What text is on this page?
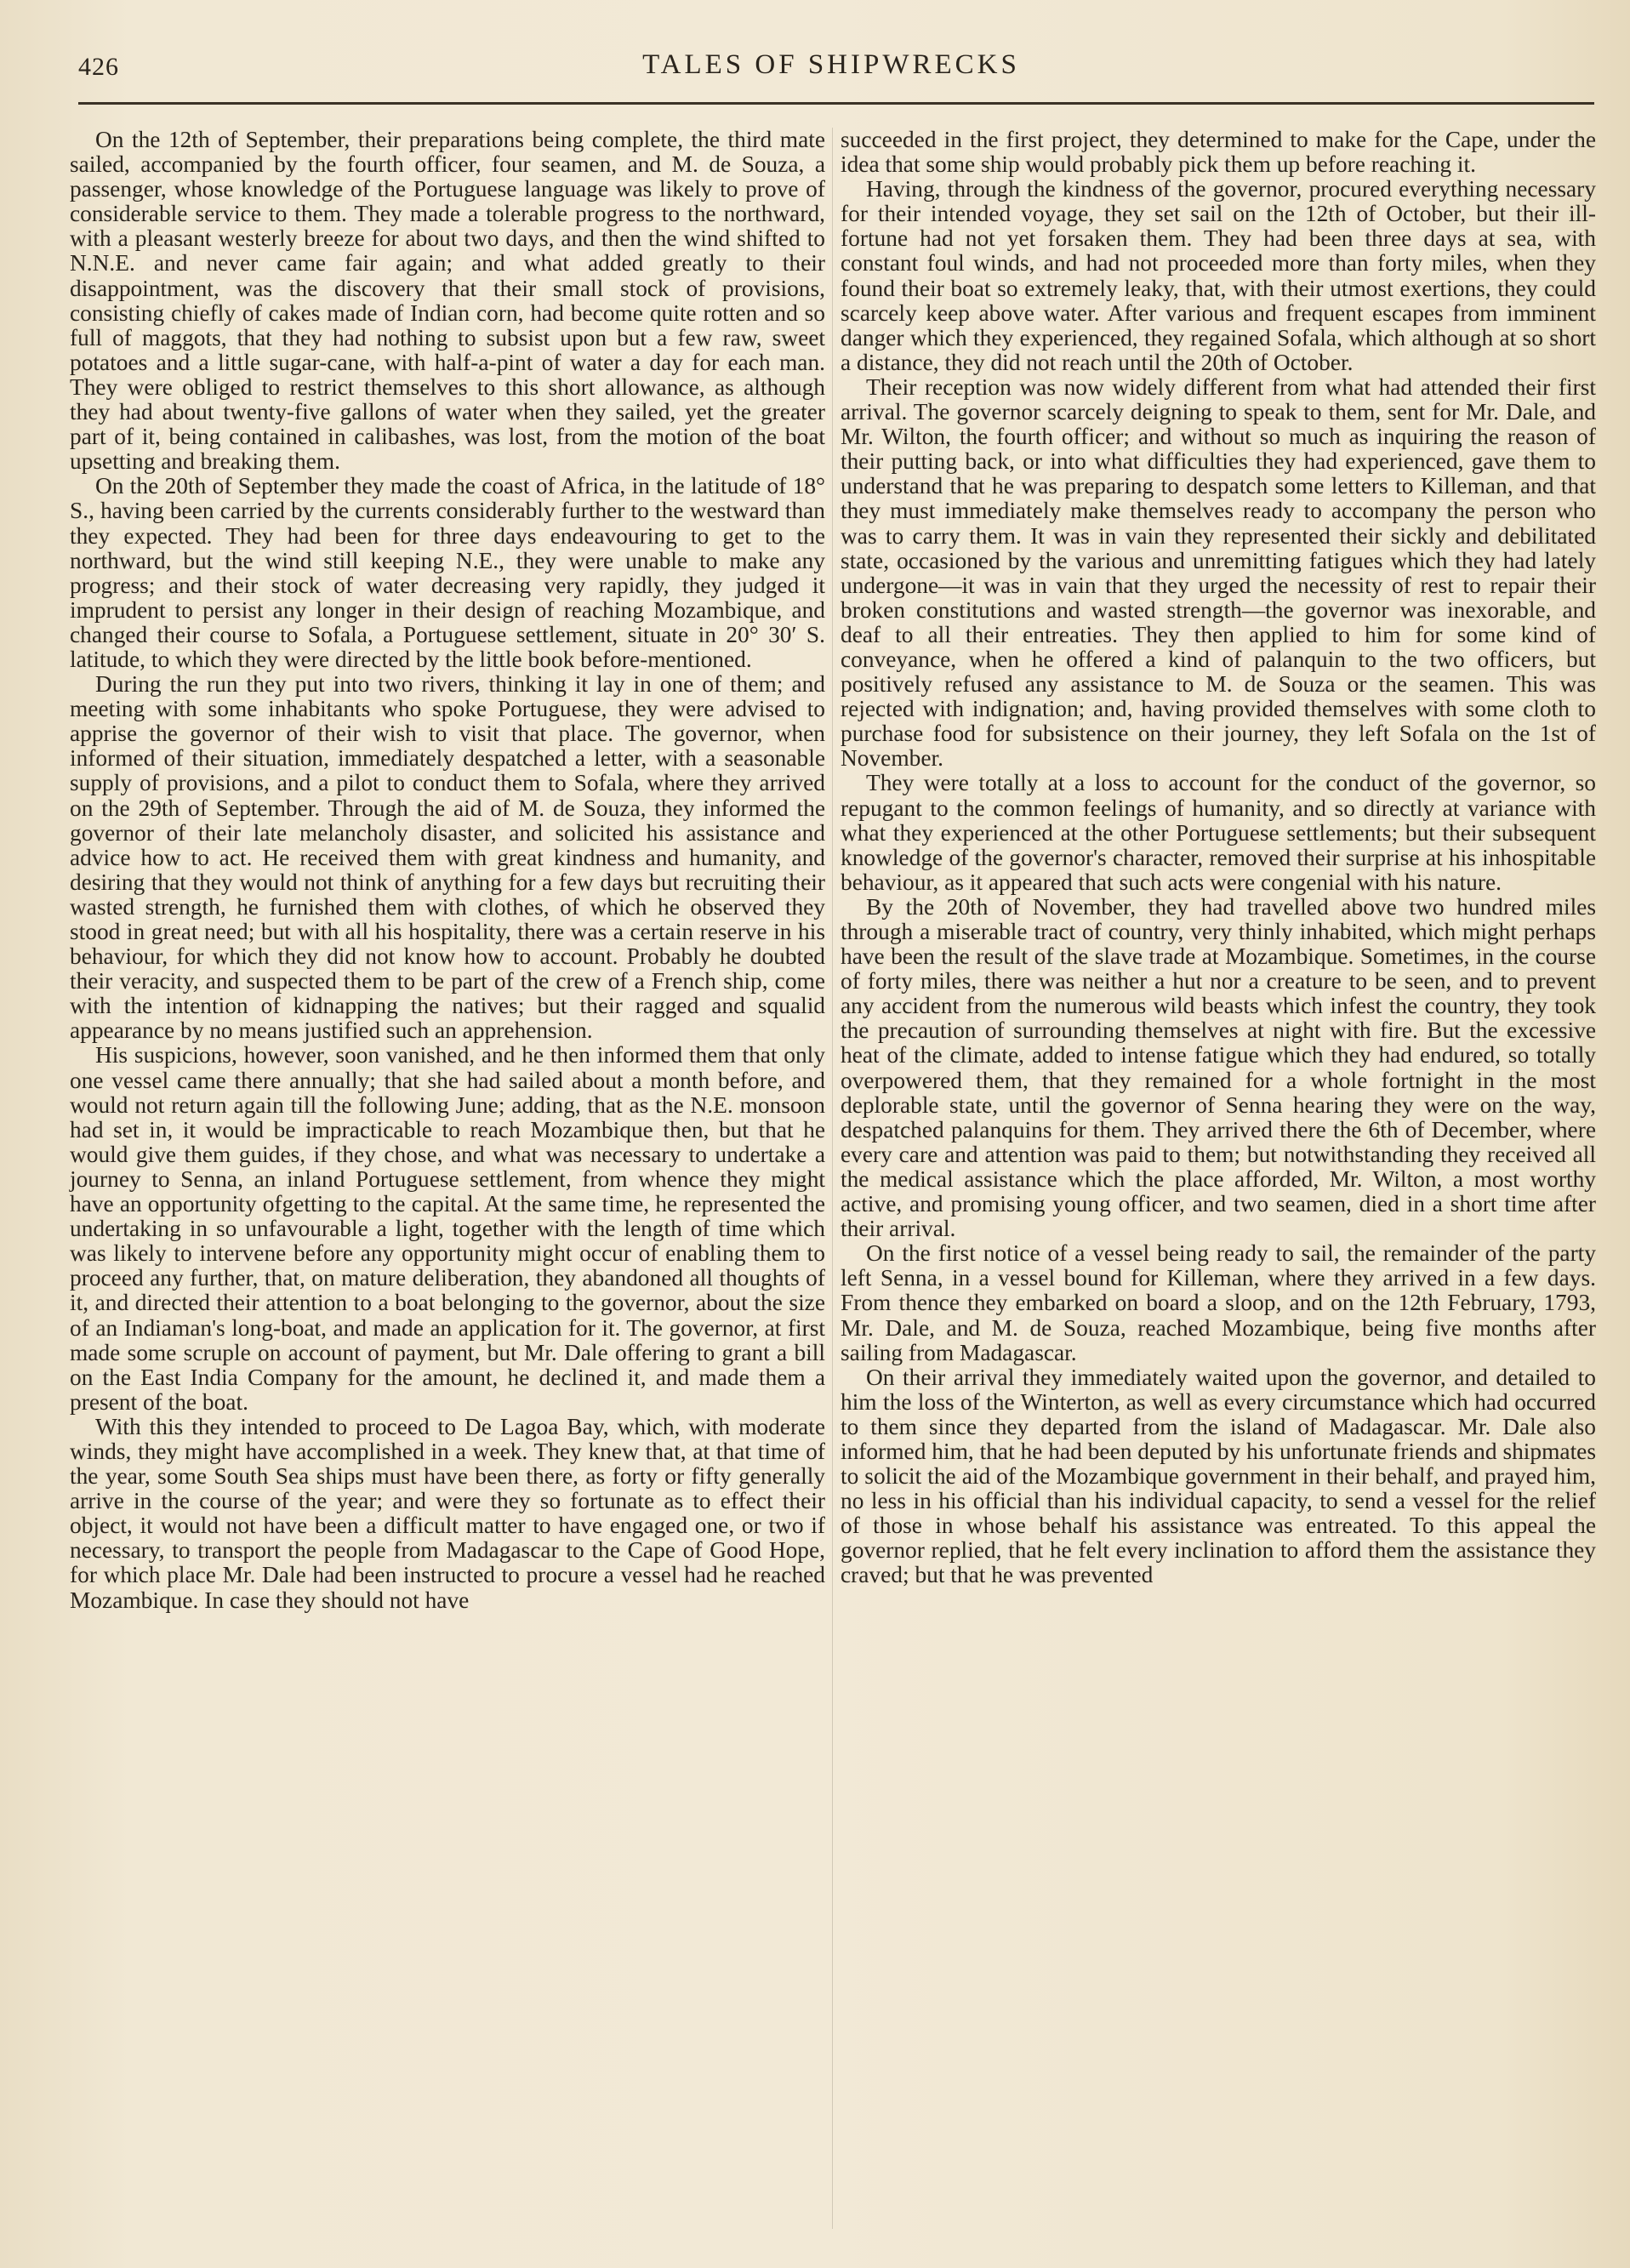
426	TALES OF SHIPWRECKS

On the 12th of September, their preparations being complete, the third mate sailed, accompanied by the fourth officer, four seamen, and M. de Souza, a passenger, whose knowledge of the Portuguese language was likely to prove of considerable service to them. They made a tolerable progress to the northward, with a pleasant westerly breeze for about two days, and then the wind shifted to N.N.E. and never came fair again; and what added greatly to their disappointment, was the discovery that their small stock of provisions, consisting chiefly of cakes made of Indian corn, had become quite rotten and so full of maggots, that they had nothing to subsist upon but a few raw, sweet potatoes and a little sugar-cane, with half-a-pint of water a day for each man. They were obliged to restrict themselves to this short allowance, as although they had about twenty-five gallons of water when they sailed, yet the greater part of it, being contained in calibashes, was lost, from the motion of the boat upsetting and breaking them.

On the 20th of September they made the coast of Africa, in the latitude of 18° S., having been carried by the currents considerably further to the westward than they expected. They had been for three days endeavouring to get to the northward, but the wind still keeping N.E., they were unable to make any progress; and their stock of water decreasing very rapidly, they judged it imprudent to persist any longer in their design of reaching Mozambique, and changed their course to Sofala, a Portuguese settlement, situate in 20° 30′ S. latitude, to which they were directed by the little book before-mentioned.

During the run they put into two rivers, thinking it lay in one of them; and meeting with some inhabitants who spoke Portuguese, they were advised to apprise the governor of their wish to visit that place. The governor, when informed of their situation, immediately despatched a letter, with a seasonable supply of provisions, and a pilot to conduct them to Sofala, where they arrived on the 29th of September. Through the aid of M. de Souza, they informed the governor of their late melancholy disaster, and solicited his assistance and advice how to act. He received them with great kindness and humanity, and desiring that they would not think of anything for a few days but recruiting their wasted strength, he furnished them with clothes, of which he observed they stood in great need; but with all his hospitality, there was a certain reserve in his behaviour, for which they did not know how to account. Probably he doubted their veracity, and suspected them to be part of the crew of a French ship, come with the intention of kidnapping the natives; but their ragged and squalid appearance by no means justified such an apprehension.

His suspicions, however, soon vanished, and he then informed them that only one vessel came there annually; that she had sailed about a month before, and would not return again till the following June; adding, that as the N.E. monsoon had set in, it would be impracticable to reach Mozambique then, but that he would give them guides, if they chose, and what was necessary to undertake a journey to Senna, an inland Portuguese settlement, from whence they might have an opportunity ofgetting to the capital. At the same time, he represented the undertaking in so unfavourable a light, together with the length of time which was likely to intervene before any opportunity might occur of enabling them to proceed any further, that, on mature deliberation, they abandoned all thoughts of it, and directed their attention to a boat belonging to the governor, about the size of an Indiaman's long-boat, and made an application for it. The governor, at first made some scruple on account of payment, but Mr. Dale offering to grant a bill on the East India Company for the amount, he declined it, and made them a present of the boat.

With this they intended to proceed to De Lagoa Bay, which, with moderate winds, they might have accomplished in a week. They knew that, at that time of the year, some South Sea ships must have been there, as forty or fifty generally arrive in the course of the year; and were they so fortunate as to effect their object, it would not have been a difficult matter to have engaged one, or two if necessary, to transport the people from Madagascar to the Cape of Good Hope, for which place Mr. Dale had been instructed to procure a vessel had he reached Mozambique. In case they should not have

succeeded in the first project, they determined to make for the Cape, under the idea that some ship would probably pick them up before reaching it.

Having, through the kindness of the governor, procured everything necessary for their intended voyage, they set sail on the 12th of October, but their ill-fortune had not yet forsaken them. They had been three days at sea, with constant foul winds, and had not proceeded more than forty miles, when they found their boat so extremely leaky, that, with their utmost exertions, they could scarcely keep above water. After various and frequent escapes from imminent danger which they experienced, they regained Sofala, which although at so short a distance, they did not reach until the 20th of October.

Their reception was now widely different from what had attended their first arrival. The governor scarcely deigning to speak to them, sent for Mr. Dale, and Mr. Wilton, the fourth officer; and without so much as inquiring the reason of their putting back, or into what difficulties they had experienced, gave them to understand that he was preparing to despatch some letters to Killeman, and that they must immediately make themselves ready to accompany the person who was to carry them. It was in vain they represented their sickly and debilitated state, occasioned by the various and unremitting fatigues which they had lately undergone—it was in vain that they urged the necessity of rest to repair their broken constitutions and wasted strength—the governor was inexorable, and deaf to all their entreaties. They then applied to him for some kind of conveyance, when he offered a kind of palanquin to the two officers, but positively refused any assistance to M. de Souza or the seamen. This was rejected with indignation; and, having provided themselves with some cloth to purchase food for subsistence on their journey, they left Sofala on the 1st of November.

They were totally at a loss to account for the conduct of the governor, so repugant to the common feelings of humanity, and so directly at variance with what they experienced at the other Portuguese settlements; but their subsequent knowledge of the governor's character, removed their surprise at his inhospitable behaviour, as it appeared that such acts were congenial with his nature.

By the 20th of November, they had travelled above two hundred miles through a miserable tract of country, very thinly inhabited, which might perhaps have been the result of the slave trade at Mozambique. Sometimes, in the course of forty miles, there was neither a hut nor a creature to be seen, and to prevent any accident from the numerous wild beasts which infest the country, they took the precaution of surrounding themselves at night with fire. But the excessive heat of the climate, added to intense fatigue which they had endured, so totally overpowered them, that they remained for a whole fortnight in the most deplorable state, until the governor of Senna hearing they were on the way, despatched palanquins for them. They arrived there the 6th of December, where every care and attention was paid to them; but notwithstanding they received all the medical assistance which the place afforded, Mr. Wilton, a most worthy active, and promising young officer, and two seamen, died in a short time after their arrival.

On the first notice of a vessel being ready to sail, the remainder of the party left Senna, in a vessel bound for Killeman, where they arrived in a few days. From thence they embarked on board a sloop, and on the 12th February, 1793, Mr. Dale, and M. de Souza, reached Mozambique, being five months after sailing from Madagascar.

On their arrival they immediately waited upon the governor, and detailed to him the loss of the Winterton, as well as every circumstance which had occurred to them since they departed from the island of Madagascar. Mr. Dale also informed him, that he had been deputed by his unfortunate friends and shipmates to solicit the aid of the Mozambique government in their behalf, and prayed him, no less in his official than his individual capacity, to send a vessel for the relief of those in whose behalf his assistance was entreated. To this appeal the governor replied, that he felt every inclination to afford them the assistance they craved; but that he was prevented
